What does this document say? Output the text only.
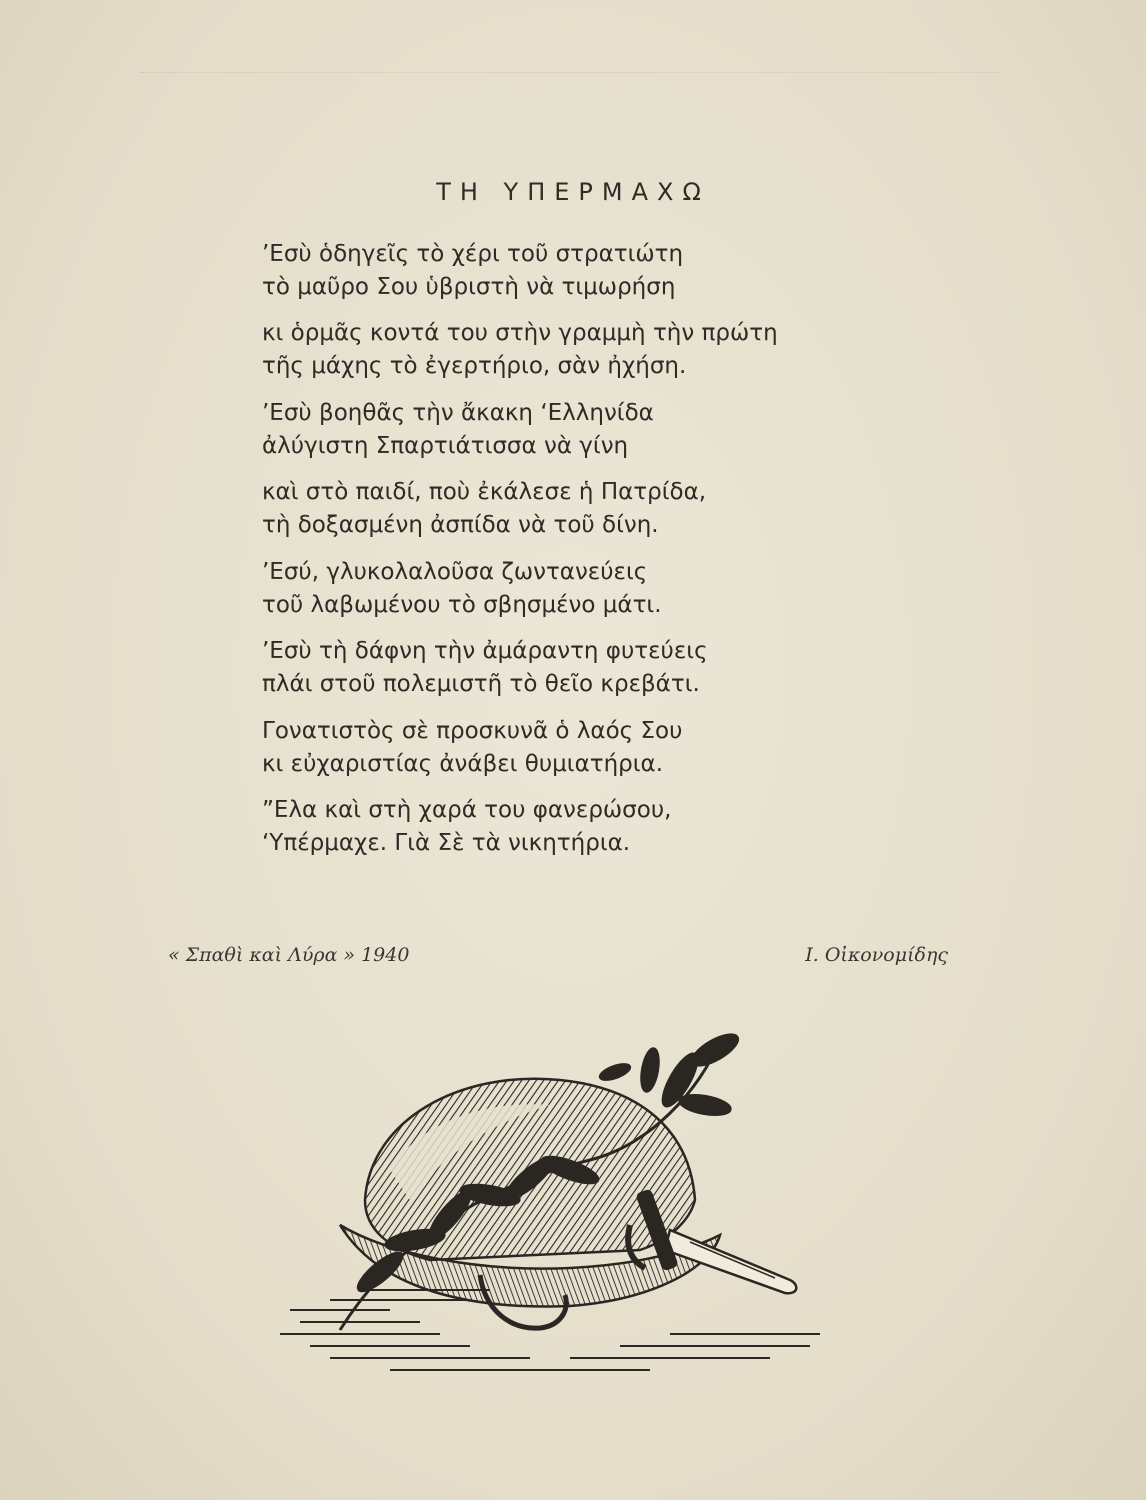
ΤΗ ΥΠΕΡΜΑΧΩ
’Εσὺ ὁδηγεῖς τὸ χέρι τοῦ στρατιώτη
τὸ μαῦρο Σου ὑβριστὴ νὰ τιμωρήση
κι ὁρμᾶς κοντά του στὴν γραμμὴ τὴν πρώτη
τῆς μάχης τὸ ἐγερτήριο, σὰν ἠχήση.
’Εσὺ βοηθᾶς τὴν ἄκακη ‘Ελληνίδα
ἀλύγιστη Σπαρτιάτισσα νὰ γίνη
καὶ στὸ παιδί, ποὺ ἐκάλεσε ἡ Πατρίδα,
τὴ δοξασμένη ἀσπίδα νὰ τοῦ δίνη.
’Εσύ, γλυκολαλοῦσα ζωντανεύεις
τοῦ λαβωμένου τὸ σβησμένο μάτι.
’Εσὺ τὴ δάφνη τὴν ἀμάραντη φυτεύεις
πλάι στοῦ πολεμιστῆ τὸ θεῖο κρεβάτι.
Γονατιστὸς σὲ προσκυνᾶ ὁ λαός Σου
κι εὐχαριστίας ἀνάβει θυμιατήρια.
”Ελα καὶ στὴ χαρά του φανερώσου,
‘Υπέρμαχε. Γιὰ Σὲ τὰ νικητήρια.
« Σπαθὶ καὶ Λύρα » 1940	Ι. Οἰκονομίδης
